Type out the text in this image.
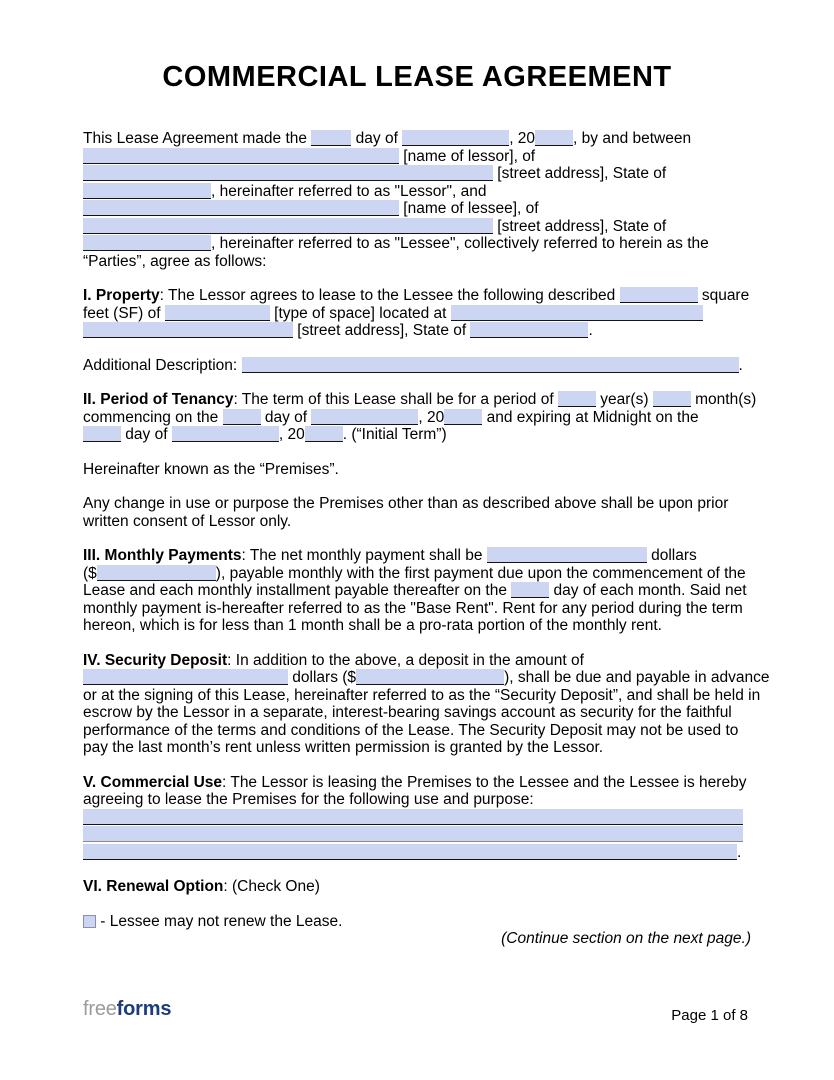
COMMERCIAL LEASE AGREEMENT
This Lease Agreement made the	day of	, 20 , by and between
[name of lessor], of
[street address], State of
, hereinafter referred to as "Lessor", and
[name of lessee], of
[street address], State of
, hereinafter referred to as "Lessee", collectively referred to herein as the
“Parties”, agree as follows:
I. Property: The Lessor agrees to lease to the Lessee the following described	square
feet (SF) of	[type of space] located at
[street address], State of	.
Additional Description:	.
II. Period of Tenancy: The term of this Lease shall be for a period of  year(s)  month(s)
commencing on the  day of	, 20 and expiring at Midnight on the
day of	, 20 . (“Initial Term”)
Hereinafter known as the “Premises”.
Any change in use or purpose the Premises other than as described above shall be upon prior
written consent of Lessor only.
III. Monthly Payments: The net monthly payment shall be	dollars
($	), payable monthly with the first payment due upon the commencement of the
Lease and each monthly installment payable thereafter on the  day of each month. Said net
monthly payment is-hereafter referred to as the "Base Rent". Rent for any period during the term
hereon, which is for less than 1 month shall be a pro-rata portion of the monthly rent.
IV. Security Deposit: In addition to the above, a deposit in the amount of
dollars ($	), shall be due and payable in advance
or at the signing of this Lease, hereinafter referred to as the “Security Deposit”, and shall be held in
escrow by the Lessor in a separate, interest-bearing savings account as security for the faithful
performance of the terms and conditions of the Lease. The Security Deposit may not be used to
pay the last month’s rent unless written permission is granted by the Lessor.
V. Commercial Use: The Lessor is leasing the Premises to the Lessee and the Lessee is hereby
agreeing to lease the Premises for the following use and purpose:
.
VI. Renewal Option: (Check One)
- Lessee may not renew the Lease.
(Continue section on the next page.)
freeforms	Page 1 of 8
